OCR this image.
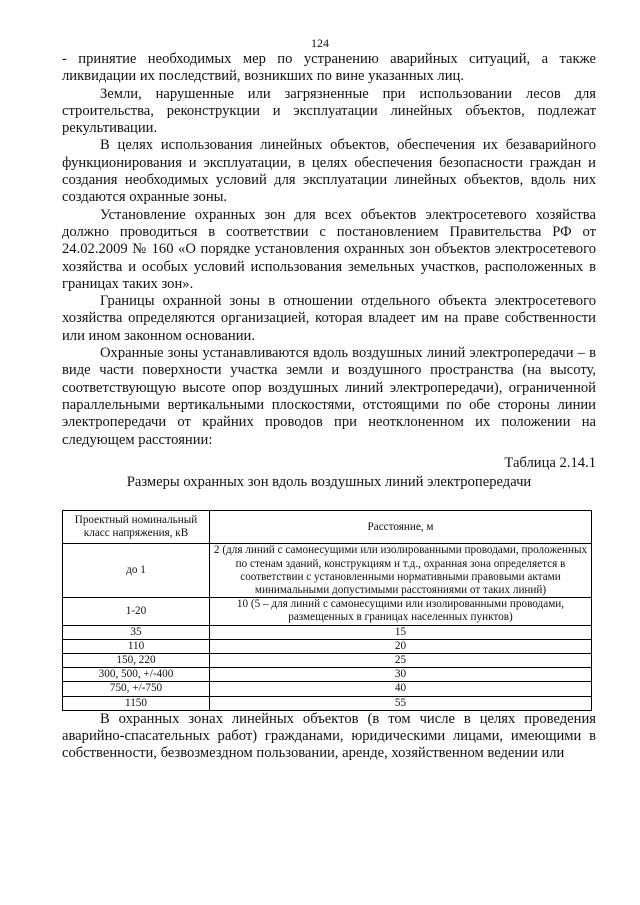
124

- принятие необходимых мер по устранению аварийных ситуаций, а также ликвидации их последствий, возникших по вине указанных лиц.

Земли, нарушенные или загрязненные при использовании лесов для строительства, реконструкции и эксплуатации линейных объектов, подлежат рекультивации.

В целях использования линейных объектов, обеспечения их безаварийного функционирования и эксплуатации, в целях обеспечения безопасности граждан и создания необходимых условий для эксплуатации линейных объектов, вдоль них создаются охранные зоны.

Установление охранных зон для всех объектов электросетевого хозяйства должно проводиться в соответствии с постановлением Правительства РФ от 24.02.2009 № 160 «О порядке установления охранных зон объектов электросетевого хозяйства и особых условий использования земельных участков, расположенных в границах таких зон».

Границы охранной зоны в отношении отдельного объекта электросетевого хозяйства определяются организацией, которая владеет им на праве собственности или ином законном основании.

Охранные зоны устанавливаются вдоль воздушных линий электропередачи – в виде части поверхности участка земли и воздушного пространства (на высоту, соответствующую высоте опор воздушных линий электропередачи), ограниченной параллельными вертикальными плоскостями, отстоящими по обе стороны линии электропередачи от крайних проводов при неотклоненном их положении на следующем расстоянии:

Таблица 2.14.1
Размеры охранных зон вдоль воздушных линий электропередачи
Проектный номинальный класс напряжения, кВ	Расстояние, м
до 1	2 (для линий с самонесущими или изолированными проводами, проложенных по стенам зданий, конструкциям и т.д., охранная зона определяется в соответствии с установленными нормативными правовыми актами минимальными допустимыми расстояниями от таких линий)
1-20	10 (5 – для линий с самонесущими или изолированными проводами, размещенных в границах населенных пунктов)
35	15
110	20
150, 220	25
300, 500, +/-400	30
750, +/-750	40
1150	55

В охранных зонах линейных объектов (в том числе в целях проведения аварийно-спасательных работ) гражданами, юридическими лицами, имеющими в собственности, безвозмездном пользовании, аренде, хозяйственном ведении или
